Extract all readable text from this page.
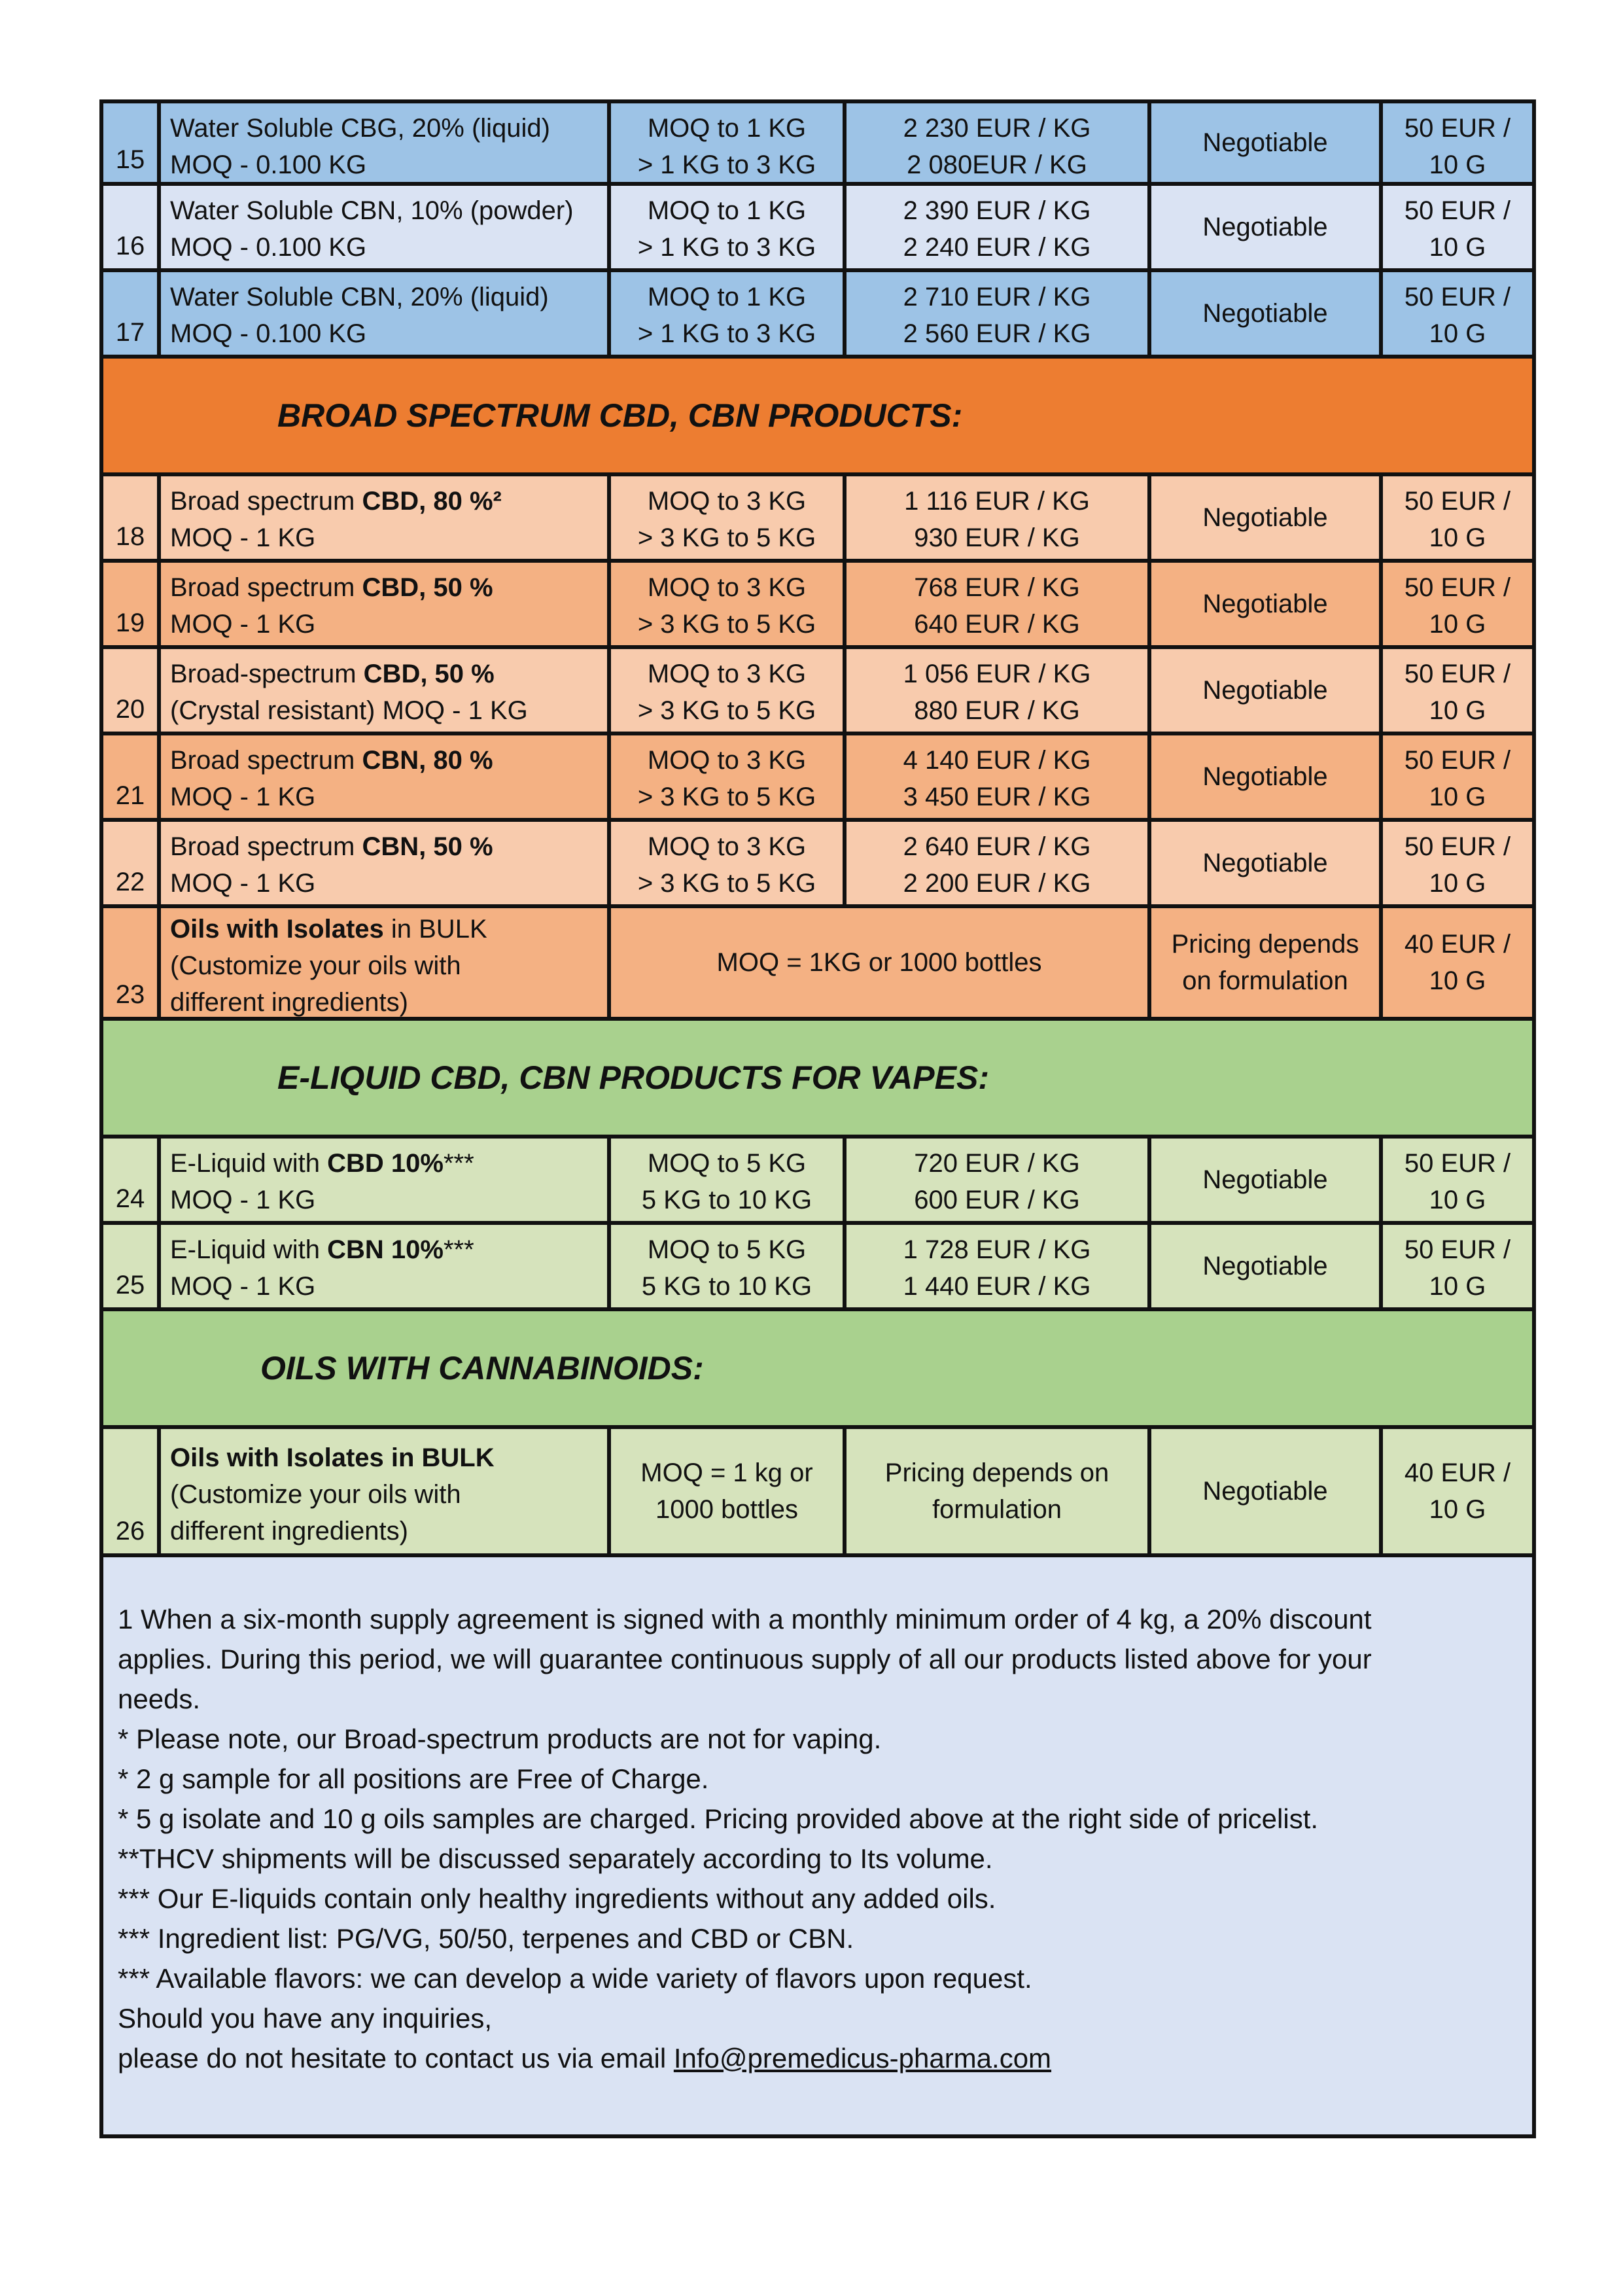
15
Water Soluble CBG, 20% (liquid)
MOQ - 0.100 KG
MOQ to 1 KG
> 1 KG to 3 KG
2 230 EUR / KG
2 080EUR / KG
Negotiable	50 EUR /
10 G
16
Water Soluble CBN, 10% (powder)
MOQ - 0.100 KG
MOQ to 1 KG
> 1 KG to 3 KG
2 390 EUR / KG
2 240 EUR / KG
Negotiable
50 EUR /
10 G
17
Water Soluble CBN, 20% (liquid)
MOQ - 0.100 KG
MOQ to 1 KG
> 1 KG to 3 KG
2 710 EUR / KG
2 560 EUR / KG
Negotiable
50 EUR /
10 G
BROAD SPECTRUM CBD, CBN PRODUCTS:
18
Broad spectrum CBD, 80 %²
MOQ - 1 KG
MOQ to 3 KG
> 3 KG to 5 KG
1 116 EUR / KG
930 EUR / KG
Negotiable
50 EUR /
10 G
19
Broad spectrum CBD, 50 %
MOQ - 1 KG
MOQ to 3 KG
> 3 KG to 5 KG
768 EUR / KG
640 EUR / KG
Negotiable
50 EUR /
10 G
20
Broad-spectrum CBD, 50 %
(Crystal resistant) MOQ - 1 KG
MOQ to 3 KG
> 3 KG to 5 KG
1 056 EUR / KG
880 EUR / KG
Negotiable
50 EUR /
10 G
21
Broad spectrum CBN, 80 %
MOQ - 1 KG
MOQ to 3 KG
> 3 KG to 5 KG
4 140 EUR / KG
3 450 EUR / KG
Negotiable
50 EUR /
10 G
22
Broad spectrum CBN, 50 %
MOQ - 1 KG
MOQ to 3 KG
> 3 KG to 5 KG
2 640 EUR / KG
2 200 EUR / KG
Negotiable
50 EUR /
10 G
23
Oils with Isolates in BULK
(Customize your oils with
different ingredients)
MOQ = 1KG or 1000 bottles
Pricing depends
on formulation
40 EUR /
10 G
E-LIQUID CBD, CBN PRODUCTS FOR VAPES:
24
E-Liquid with CBD 10%***
MOQ - 1 KG
MOQ to 5 KG
5 KG to 10 KG
720 EUR / KG
600 EUR / KG
Negotiable
50 EUR /
10 G
25
E-Liquid with CBN 10%***
MOQ - 1 KG
MOQ to 5 KG
5 KG to 10 KG
1 728 EUR / KG
1 440 EUR / KG
Negotiable
50 EUR /
10 G
OILS WITH CANNABINOIDS:
26
Oils with Isolates in BULK
(Customize your oils with
different ingredients)
MOQ = 1 kg or
1000 bottles
Pricing depends on
formulation
Negotiable
40 EUR /
10 G
1 When a six-month supply agreement is signed with a monthly minimum order of 4 kg, a 20% discount
applies. During this period, we will guarantee continuous supply of all our products listed above for your
needs.
* Please note, our Broad-spectrum products are not for vaping.
* 2 g sample for all positions are Free of Charge.
* 5 g isolate and 10 g oils samples are charged. Pricing provided above at the right side of pricelist.
**THCV shipments will be discussed separately according to Its volume.
*** Our E-liquids contain only healthy ingredients without any added oils.
*** Ingredient list: PG/VG, 50/50, terpenes and CBD or CBN.
*** Available flavors: we can develop a wide variety of flavors upon request.
Should you have any inquiries,
please do not hesitate to contact us via email Info@premedicus-pharma.com
